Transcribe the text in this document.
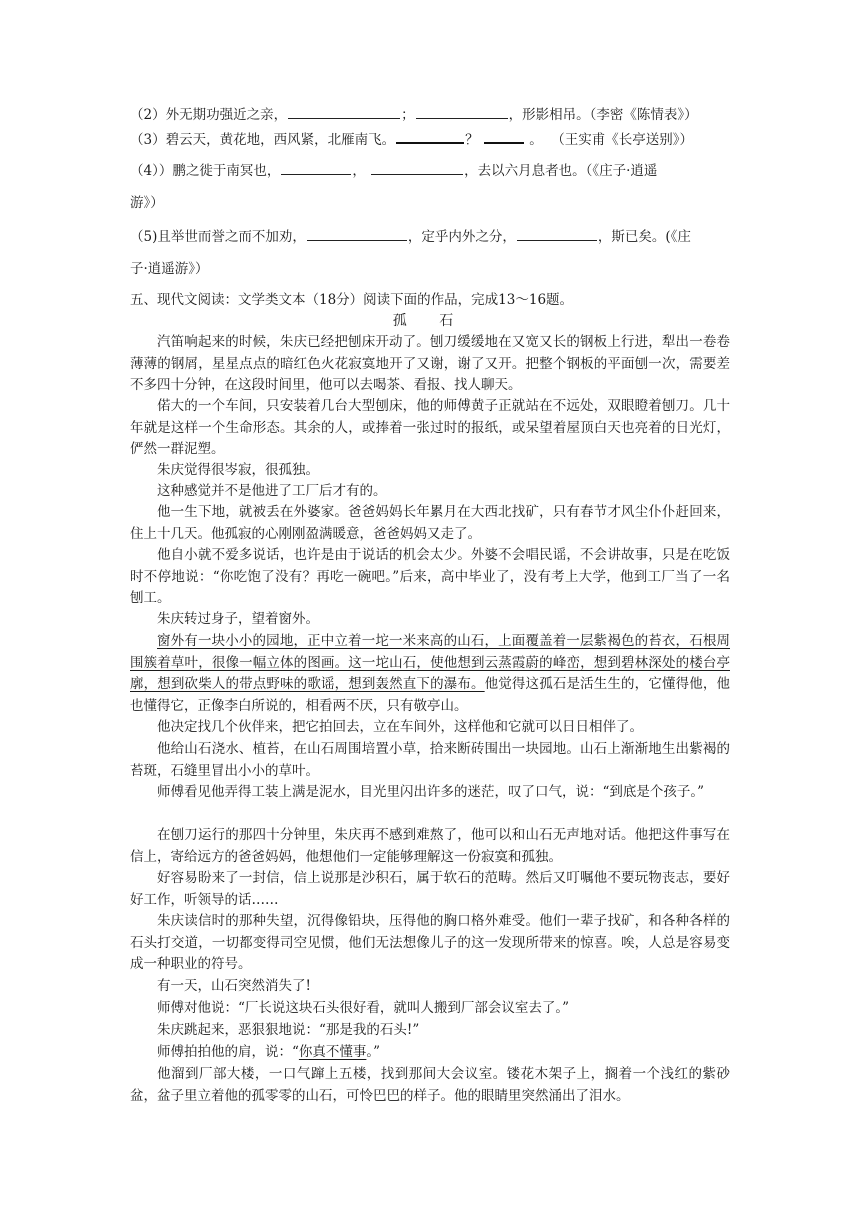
（2）外无期功强近之亲，	；	，形影相吊。（李密《陈情表》）
（3）碧云天，黄花地，西风紧，北雁南飞。	？	。 （王实甫《长亭送别》）
（4））鹏之徙于南冥也，	，	，去以六月息者也。（《庄子·逍遥
游》）
（5)且举世而誉之而不加劝，	，定乎内外之分，	，斯已矣。(《庄
子·逍遥游》）
五、现代文阅读：文学类文本（18分）阅读下面的作品，完成13～16题。
孤 石
汽笛响起来的时候，朱庆已经把刨床开动了。刨刀缓缓地在又宽又长的钢板上行进，犁出一卷卷薄薄的钢屑，星星点点的暗红色火花寂寞地开了又谢，谢了又开。把整个钢板的平面刨一次，需要差不多四十分钟，在这段时间里，他可以去喝茶、看报、找人聊天。
偌大的一个车间，只安装着几台大型刨床，他的师傅黄子正就站在不远处，双眼瞪着刨刀。几十年就是这样一个生命形态。其余的人，或捧着一张过时的报纸，或呆望着屋顶白天也亮着的日光灯，俨然一群泥塑。
朱庆觉得很岑寂，很孤独。
这种感觉并不是他进了工厂后才有的。
他一生下地，就被丢在外婆家。爸爸妈妈长年累月在大西北找矿，只有春节才风尘仆仆赶回来，住上十几天。他孤寂的心刚刚盈满暖意，爸爸妈妈又走了。
他自小就不爱多说话，也许是由于说话的机会太少。外婆不会唱民谣，不会讲故事，只是在吃饭时不停地说：“你吃饱了没有？再吃一碗吧。”后来，高中毕业了，没有考上大学，他到工厂当了一名刨工。
朱庆转过身子，望着窗外。
窗外有一块小小的园地，正中立着一坨一米来高的山石，上面覆盖着一层紫褐色的苔衣，石根周围簇着草叶，很像一幅立体的图画。这一坨山石，使他想到云蒸霞蔚的峰峦，想到碧林深处的楼台亭廓，想到砍柴人的带点野味的歌谣，想到轰然直下的瀑布。他觉得这孤石是活生生的，它懂得他，他也懂得它，正像李白所说的，相看两不厌，只有敬亭山。
他决定找几个伙伴来，把它拍回去，立在车间外，这样他和它就可以日日相伴了。
他给山石浇水、植苔，在山石周围培置小草，拾来断砖围出一块园地。山石上渐渐地生出紫褐的苔斑，石缝里冒出小小的草叶。
师傅看见他弄得工装上满是泥水，目光里闪出许多的迷茫，叹了口气，说：“到底是个孩子。”
在刨刀运行的那四十分钟里，朱庆再不感到难熬了，他可以和山石无声地对话。他把这件事写在信上，寄给远方的爸爸妈妈，他想他们一定能够理解这一份寂寞和孤独。
好容易盼来了一封信，信上说那是沙积石，属于软石的范畴。然后又叮嘱他不要玩物丧志，要好好工作，听领导的话……
朱庆读信时的那种失望，沉得像铅块，压得他的胸口格外难受。他们一辈子找矿，和各种各样的石头打交道，一切都变得司空见惯，他们无法想像儿子的这一发现所带来的惊喜。唉，人总是容易变成一种职业的符号。
有一天，山石突然消失了!
师傅对他说：“厂长说这块石头很好看，就叫人搬到厂部会议室去了。”
朱庆跳起来，恶狠狠地说：“那是我的石头!”
师傅拍拍他的肩，说：“你真不懂事。”
他溜到厂部大楼，一口气蹿上五楼，找到那间大会议室。镂花木架子上，搁着一个浅红的紫砂盆，盆子里立着他的孤零零的山石，可怜巴巴的样子。他的眼睛里突然涌出了泪水。
